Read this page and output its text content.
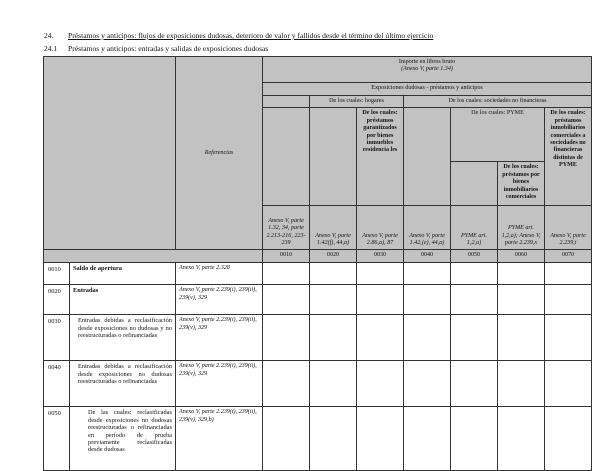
24. Préstamos y anticipos: flujos de exposiciones dudosas, deterioro de valor y fallidos desde el término del último ejercicio
24.1 Préstamos y anticipos: entradas y salidas de exposiciones dudosas
		Referencias	Importe en libros bruto
(Anexo V, parte 1.34)						

			Exposiciones dudosas - préstamos y anticipos						
				De los cuales: hogares		De los cuales: sociedades no financieras			
					De los cuales: préstamos garantizados por bienes inmuebles residencia les		De los cuales: PYME		De los cuales: préstamos inmobiliarios comerciales a sociedades no financieras distintas de PYME
								De los cuales: préstamos por bienes inmobiliarios comerciales	
			Anexo V, parte 1.32, 34, parte 2.213-216, 223-239	Anexo V, parte 1.42(f), 44,a)	Anexo V, parte 2.86,a), 87	Anexo V, parte 1.42,(e), 44,a)	PYME art. 1,2,a)	PYME art. 1,2,a); Anexo V, parte 2.239,x	Anexo V, parte 2.239,i
			0010	0020	0030	0040	0050	0060	0070
0010	Saldo de apertura	Anexo V, parte 2.328							
0020	Entradas	Anexo V, parte 2.239(i), 239(ii), 239(v), 329							
0030	Entradas debidas a reclasificación desde exposiciones no dudosas y no reestructuradas o refinanciadas	Anexo V, parte 2.239(i), 239(ii), 239(v), 329							
0040	Entradas debidas a reclasificación desde exposiciones no dudosas reestructuradas o refinanciadas	Anexo V, parte 2.239(i), 239(ii), 239(v), 329							
0050	De las cuales: reclasificadas desde exposiciones no dudosas reestructuradas o refinanciadas en período de prueba previamente reclasificadas desde dudosas	Anexo V, parte 2.239(i), 239(ii), 239(v), 329,b)							
